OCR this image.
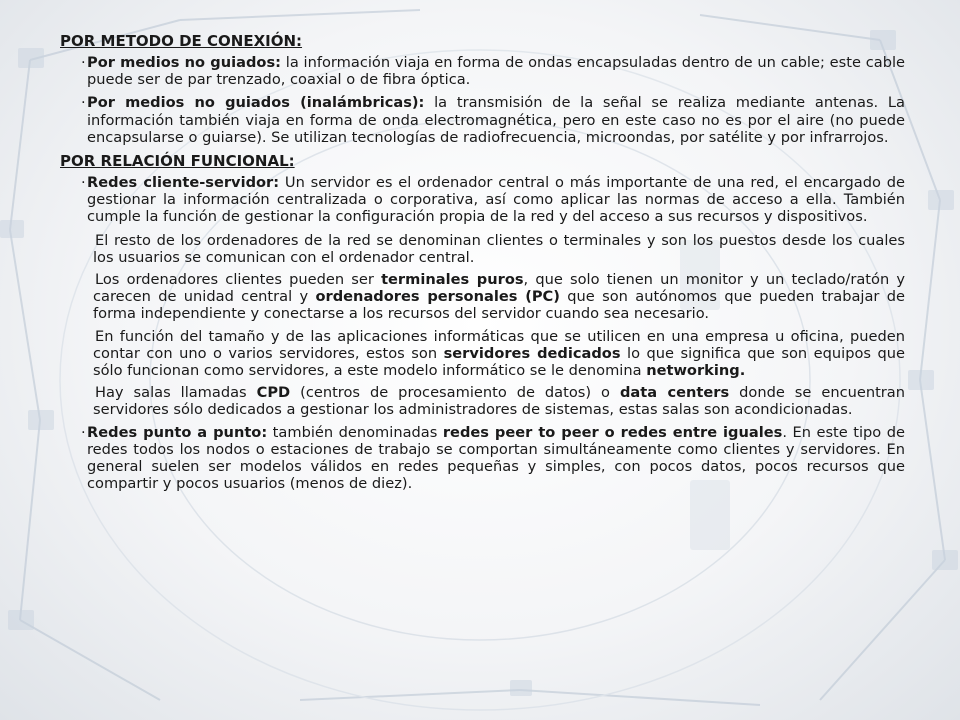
POR METODO DE CONEXIÓN:
·Por medios no guiados: la información viaja en forma de ondas encapsuladas dentro de un cable; este cable puede ser de par trenzado, coaxial o de fibra óptica.
·Por medios no guiados (inalámbricas): la transmisión de la señal se realiza mediante antenas. La información también viaja en forma de onda electromagnética, pero en este caso no es por el aire (no puede encapsularse o guiarse). Se utilizan tecnologías de radiofrecuencia, microondas, por satélite y por infrarrojos.
POR RELACIÓN FUNCIONAL:
·Redes cliente-servidor: Un servidor es el ordenador central o más importante de una red, el encargado de gestionar la información centralizada o corporativa, así como aplicar las normas de acceso a ella. También cumple la función de gestionar la configuración propia de la red y del acceso a sus recursos y dispositivos.
El resto de los ordenadores de la red se denominan clientes o terminales y son los puestos desde los cuales los usuarios se comunican con el ordenador central.
Los ordenadores clientes pueden ser terminales puros, que solo tienen un monitor y un teclado/ratón y carecen de unidad central y ordenadores personales (PC) que son autónomos que pueden trabajar de forma independiente y conectarse a los recursos del servidor cuando sea necesario.
En función del tamaño y de las aplicaciones informáticas que se utilicen en una empresa u oficina, pueden contar con uno o varios servidores, estos son servidores dedicados lo que significa que son equipos que sólo funcionan como servidores, a este modelo informático se le denomina networking.
Hay salas llamadas CPD (centros de procesamiento de datos) o data centers donde se encuentran servidores sólo dedicados a gestionar los administradores de sistemas, estas salas son acondicionadas.
·Redes punto a punto: también denominadas redes peer to peer o redes entre iguales. En este tipo de redes todos los nodos o estaciones de trabajo se comportan simultáneamente como clientes y servidores. En general suelen ser modelos válidos en redes pequeñas y simples, con pocos datos, pocos recursos que compartir y pocos usuarios (menos de diez).
